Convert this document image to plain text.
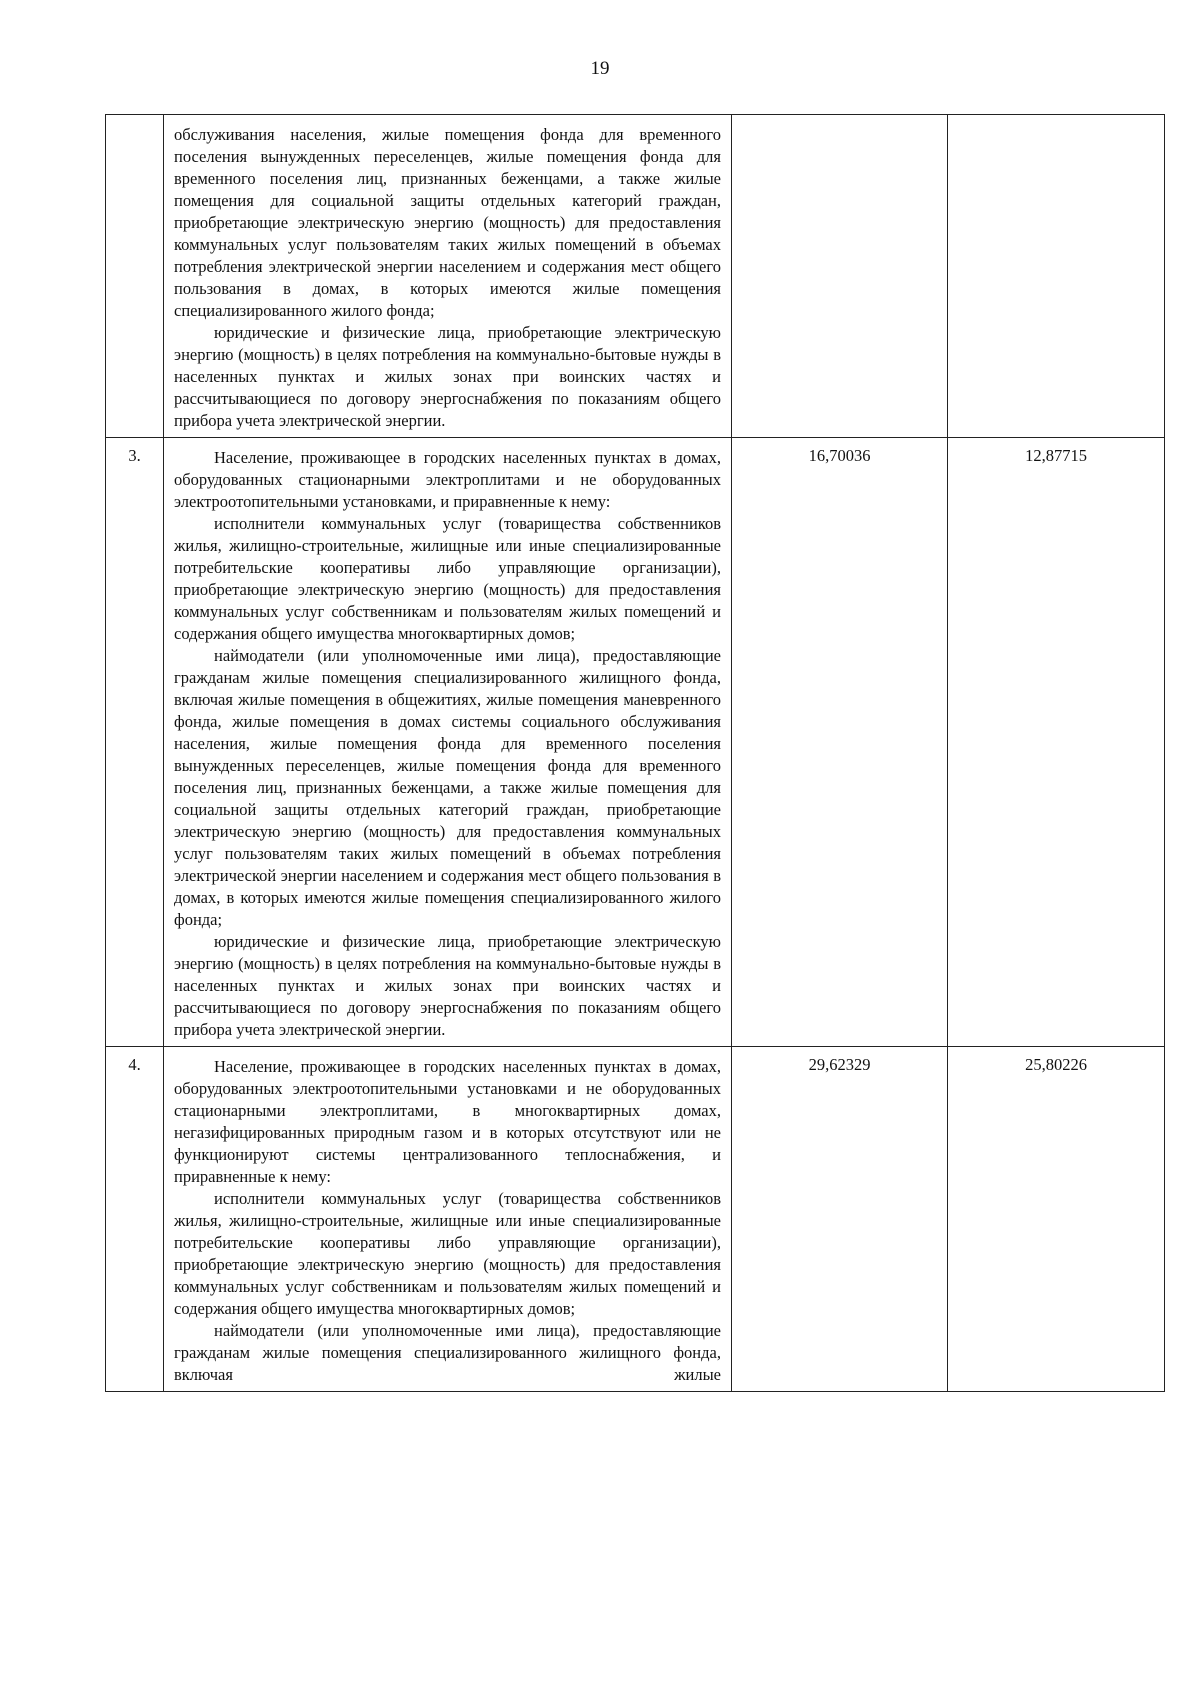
19

	обслуживания населения, жилые помещения фонда для временного поселения вынужденных переселенцев, жилые помещения фонда для временного поселения лиц, признанных беженцами, а также жилые помещения для социальной защиты отдельных категорий граждан, приобретающие электрическую энергию (мощность) для предоставления коммунальных услуг пользователям таких жилых помещений в объемах потребления электрической энергии населением и содержания мест общего пользования в домах, в которых имеются жилые помещения специализированного жилого фонда;

юридические и физические лица, приобретающие электрическую энергию (мощность) в целях потребления на коммунально-бытовые нужды в населенных пунктах и жилых зонах при воинских частях и рассчитывающиеся по договору энергоснабжения по показаниям общего прибора учета электрической энергии.		

3.	Население, проживающее в городских населенных пунктах в домах, оборудованных стационарными электроплитами и не оборудованных электроотопительными установками, и приравненные к нему:

исполнители коммунальных услуг (товарищества собственников жилья, жилищно-строительные, жилищные или иные специализированные потребительские кооперативы либо управляющие организации), приобретающие электрическую энергию (мощность) для предоставления коммунальных услуг собственникам и пользователям жилых помещений и содержания общего имущества многоквартирных домов;

наймодатели (или уполномоченные ими лица), предоставляющие гражданам жилые помещения специализированного жилищного фонда, включая жилые помещения в общежитиях, жилые помещения маневренного фонда, жилые помещения в домах системы социального обслуживания населения, жилые помещения фонда для временного поселения вынужденных переселенцев, жилые помещения фонда для временного поселения лиц, признанных беженцами, а также жилые помещения для социальной защиты отдельных категорий граждан, приобретающие электрическую энергию (мощность) для предоставления коммунальных услуг пользователям таких жилых помещений в объемах потребления электрической энергии населением и содержания мест общего пользования в домах, в которых имеются жилые помещения специализированного жилого фонда;

юридические и физические лица, приобретающие электрическую энергию (мощность) в целях потребления на коммунально-бытовые нужды в населенных пунктах и жилых зонах при воинских частях и рассчитывающиеся по договору энергоснабжения по показаниям общего прибора учета электрической энергии.	16,70036	12,87715
4.	Население, проживающее в городских населенных пунктах в домах, оборудованных электроотопительными установками и не оборудованных стационарными электроплитами, в многоквартирных домах, негазифицированных природным газом и в которых отсутствуют или не функционируют системы централизованного теплоснабжения, и приравненные к нему:

исполнители коммунальных услуг (товарищества собственников жилья, жилищно-строительные, жилищные или иные специализированные потребительские кооперативы либо управляющие организации), приобретающие электрическую энергию (мощность) для предоставления коммунальных услуг собственникам и пользователям жилых помещений и содержания общего имущества многоквартирных домов;

наймодатели (или уполномоченные ими лица), предоставляющие гражданам жилые помещения специализированного жилищного фонда, включая жилые	29,62329	25,80226
